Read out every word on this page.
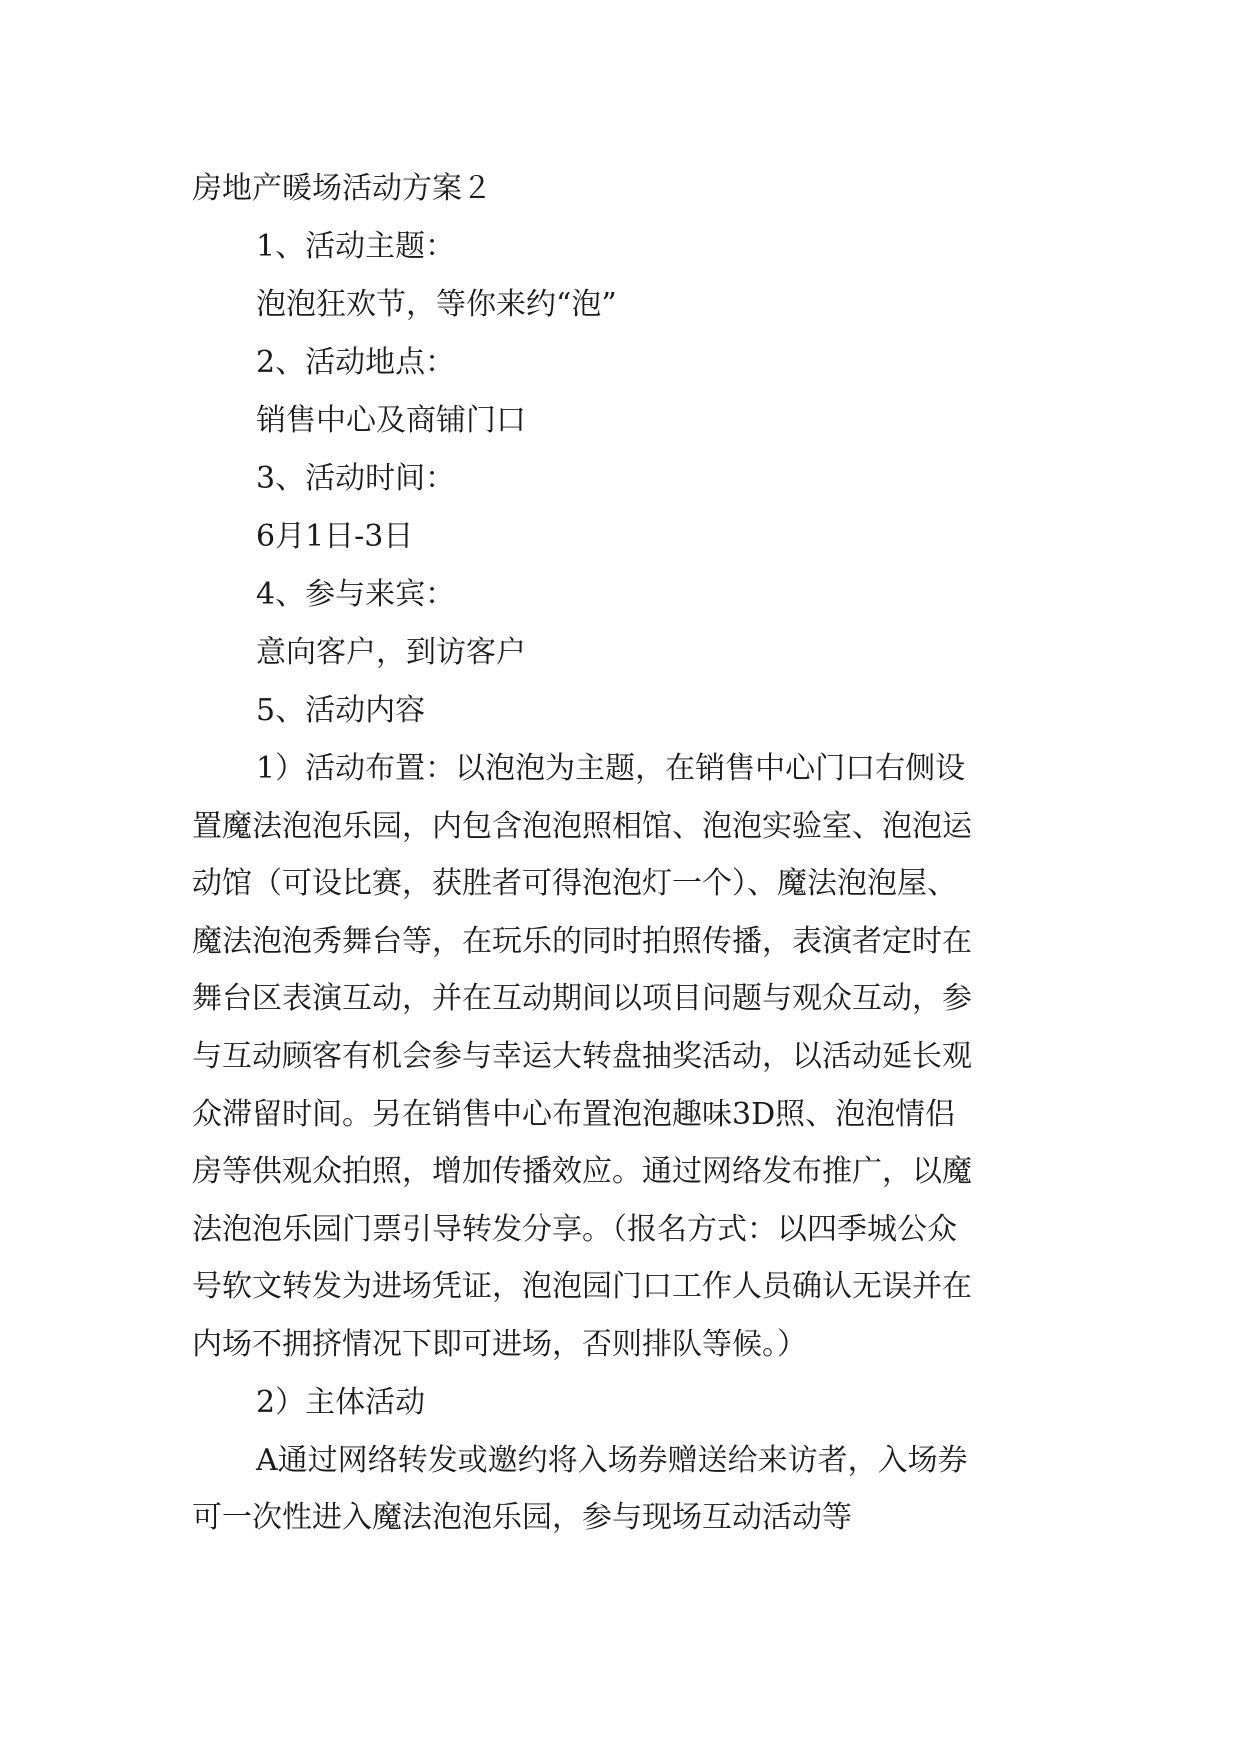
房地产暖场活动方案２
1、活动主题：
泡泡狂欢节，等你来约“泡”
2、活动地点：
销售中心及商铺门口
3、活动时间：
6月1日-3日
4、参与来宾：
意向客户，到访客户
5、活动内容
1）活动布置：以泡泡为主题，在销售中心门口右侧设
置魔法泡泡乐园，内包含泡泡照相馆、泡泡实验室、泡泡运
动馆（可设比赛，获胜者可得泡泡灯一个）、魔法泡泡屋、
魔法泡泡秀舞台等，在玩乐的同时拍照传播，表演者定时在
舞台区表演互动，并在互动期间以项目问题与观众互动，参
与互动顾客有机会参与幸运大转盘抽奖活动，以活动延长观
众滞留时间。另在销售中心布置泡泡趣味3D照、泡泡情侣
房等供观众拍照，增加传播效应。通过网络发布推广，以魔
法泡泡乐园门票引导转发分享。（报名方式：以四季城公众
号软文转发为进场凭证，泡泡园门口工作人员确认无误并在
内场不拥挤情况下即可进场，否则排队等候。）
2）主体活动
A通过网络转发或邀约将入场券赠送给来访者，入场券
可一次性进入魔法泡泡乐园，参与现场互动活动等
